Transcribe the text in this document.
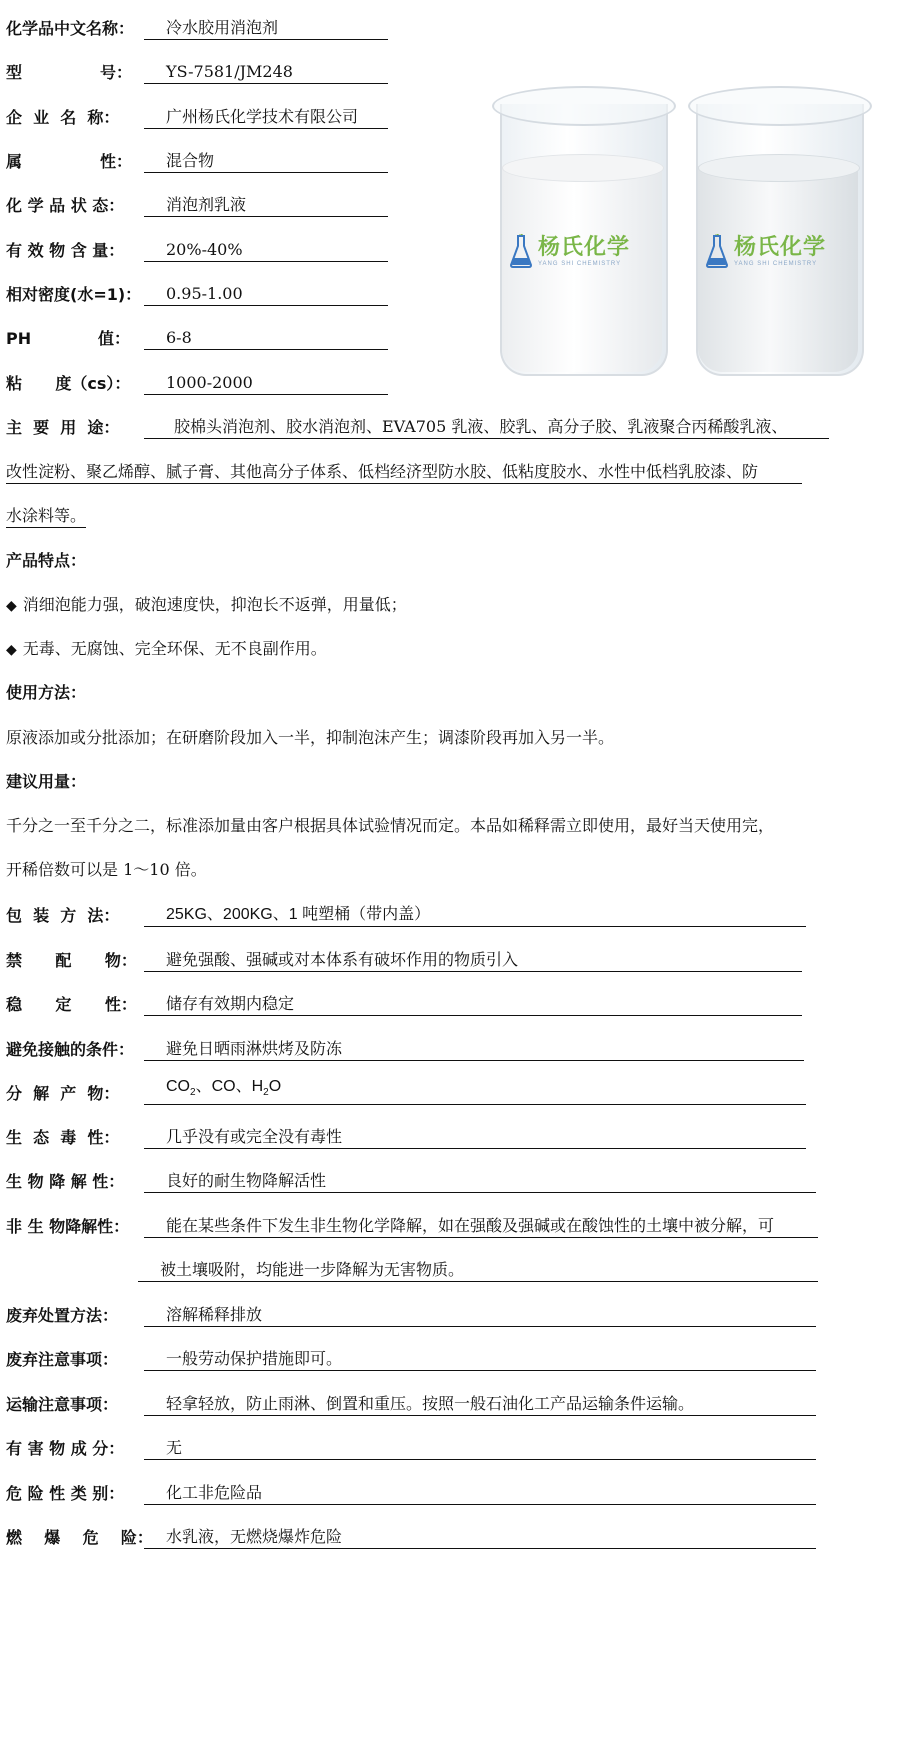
化学品中文名称：	冷水胶用消泡剂
型              号：	YS-7581/JM248
企  业  名  称：	广州杨氏化学技术有限公司
属              性：	混合物
化 学 品 状 态：	消泡剂乳液
有 效 物 含 量：	20%-40%
相对密度(水=1)：	0.95-1.00
PH            值：	6-8
粘      度（cs）：	1000-2000
杨氏化学
YANG SHI CHEMISTRY
杨氏化学
YANG SHI CHEMISTRY
主  要  用  途：	胶棉头消泡剂、胶水消泡剂、EVA705 乳液、胶乳、高分子胶、乳液聚合丙稀酸乳液、
改性淀粉、聚乙烯醇、腻子膏、其他高分子体系、低档经济型防水胶、低粘度胶水、水性中低档乳胶漆、防
水涂料等。
产品特点：
◆ 消细泡能力强，破泡速度快，抑泡长不返弹，用量低；
◆ 无毒、无腐蚀、完全环保、无不良副作用。
使用方法：
原液添加或分批添加；在研磨阶段加入一半，抑制泡沫产生；调漆阶段再加入另一半。
建议用量：
千分之一至千分之二，标准添加量由客户根据具体试验情况而定。本品如稀释需立即使用，最好当天使用完，
开稀倍数可以是 1～10 倍。
包  装  方  法：	25KG、200KG、1 吨塑桶（带内盖）
禁      配      物：	避免强酸、强碱或对本体系有破坏作用的物质引入
稳      定      性：	储存有效期内稳定
避免接触的条件：	避免日晒雨淋烘烤及防冻
分  解  产  物：	$CO_2$、CO、$H_2O$
生  态  毒  性：	几乎没有或完全没有毒性
生 物 降 解 性：	良好的耐生物降解活性
非 生 物降解性：	能在某些条件下发生非生物化学降解，如在强酸及强碱或在酸蚀性的土壤中被分解，可
被土壤吸附，均能进一步降解为无害物质。
废弃处置方法：	溶解稀释排放
废弃注意事项：	一般劳动保护措施即可。
运输注意事项：	轻拿轻放，防止雨淋、倒置和重压。按照一般石油化工产品运输条件运输。
有 害 物 成 分：	无
危 险 性 类 别：	化工非危险品
燃    爆    危    险： 水乳液，无燃烧爆炸危险
